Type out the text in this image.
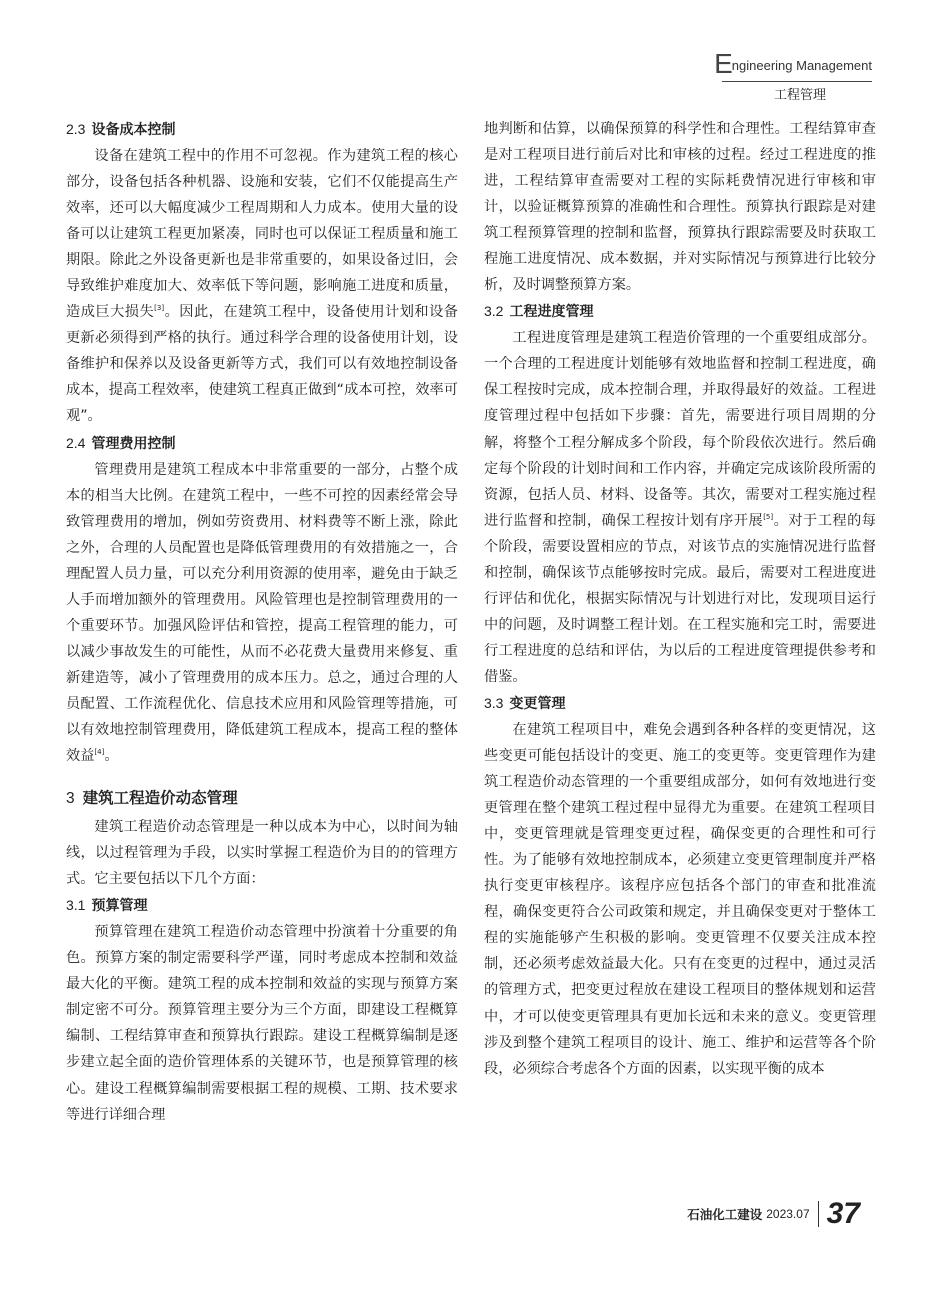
Engineering Management
工程管理
2.3 设备成本控制

设备在建筑工程中的作用不可忽视。作为建筑工程的核心部分，设备包括各种机器、设施和安装，它们不仅能提高生产效率，还可以大幅度减少工程周期和人力成本。使用大量的设备可以让建筑工程更加紧凑，同时也可以保证工程质量和施工期限。除此之外设备更新也是非常重要的，如果设备过旧，会导致维护难度加大、效率低下等问题，影响施工进度和质量，造成巨大损失[3]。因此，在建筑工程中，设备使用计划和设备更新必须得到严格的执行。通过科学合理的设备使用计划，设备维护和保养以及设备更新等方式，我们可以有效地控制设备成本，提高工程效率，使建筑工程真正做到“成本可控，效率可观”。

2.4 管理费用控制

管理费用是建筑工程成本中非常重要的一部分，占整个成本的相当大比例。在建筑工程中，一些不可控的因素经常会导致管理费用的增加，例如劳资费用、材料费等不断上涨，除此之外，合理的人员配置也是降低管理费用的有效措施之一，合理配置人员力量，可以充分利用资源的使用率，避免由于缺乏人手而增加额外的管理费用。风险管理也是控制管理费用的一个重要环节。加强风险评估和管控，提高工程管理的能力，可以减少事故发生的可能性，从而不必花费大量费用来修复、重新建造等，减小了管理费用的成本压力。总之，通过合理的人员配置、工作流程优化、信息技术应用和风险管理等措施，可以有效地控制管理费用，降低建筑工程成本，提高工程的整体效益[4]。

3 建筑工程造价动态管理

建筑工程造价动态管理是一种以成本为中心，以时间为轴线，以过程管理为手段，以实时掌握工程造价为目的的管理方式。它主要包括以下几个方面：

3.1 预算管理

预算管理在建筑工程造价动态管理中扮演着十分重要的角色。预算方案的制定需要科学严谨，同时考虑成本控制和效益最大化的平衡。建筑工程的成本控制和效益的实现与预算方案制定密不可分。预算管理主要分为三个方面，即建设工程概算编制、工程结算审查和预算执行跟踪。建设工程概算编制是逐步建立起全面的造价管理体系的关键环节，也是预算管理的核心。建设工程概算编制需要根据工程的规模、工期、技术要求等进行详细合理

地判断和估算，以确保预算的科学性和合理性。工程结算审查是对工程项目进行前后对比和审核的过程。经过工程进度的推进，工程结算审查需要对工程的实际耗费情况进行审核和审计，以验证概算预算的准确性和合理性。预算执行跟踪是对建筑工程预算管理的控制和监督，预算执行跟踪需要及时获取工程施工进度情况、成本数据，并对实际情况与预算进行比较分析，及时调整预算方案。

3.2 工程进度管理

工程进度管理是建筑工程造价管理的一个重要组成部分。一个合理的工程进度计划能够有效地监督和控制工程进度，确保工程按时完成，成本控制合理，并取得最好的效益。工程进度管理过程中包括如下步骤：首先，需要进行项目周期的分解，将整个工程分解成多个阶段，每个阶段依次进行。然后确定每个阶段的计划时间和工作内容，并确定完成该阶段所需的资源，包括人员、材料、设备等。其次，需要对工程实施过程进行监督和控制，确保工程按计划有序开展[5]。对于工程的每个阶段，需要设置相应的节点，对该节点的实施情况进行监督和控制，确保该节点能够按时完成。最后，需要对工程进度进行评估和优化，根据实际情况与计划进行对比，发现项目运行中的问题，及时调整工程计划。在工程实施和完工时，需要进行工程进度的总结和评估，为以后的工程进度管理提供参考和借鉴。

3.3 变更管理

在建筑工程项目中，难免会遇到各种各样的变更情况，这些变更可能包括设计的变更、施工的变更等。变更管理作为建筑工程造价动态管理的一个重要组成部分，如何有效地进行变更管理在整个建筑工程过程中显得尤为重要。在建筑工程项目中，变更管理就是管理变更过程，确保变更的合理性和可行性。为了能够有效地控制成本，必须建立变更管理制度并严格执行变更审核程序。该程序应包括各个部门的审查和批准流程，确保变更符合公司政策和规定，并且确保变更对于整体工程的实施能够产生积极的影响。变更管理不仅要关注成本控制，还必须考虑效益最大化。只有在变更的过程中，通过灵活的管理方式，把变更过程放在建设工程项目的整体规划和运营中，才可以使变更管理具有更加长远和未来的意义。变更管理涉及到整个建筑工程项目的设计、施工、维护和运营等各个阶段，必须综合考虑各个方面的因素，以实现平衡的成本

石油化工建设 2023.07 37
